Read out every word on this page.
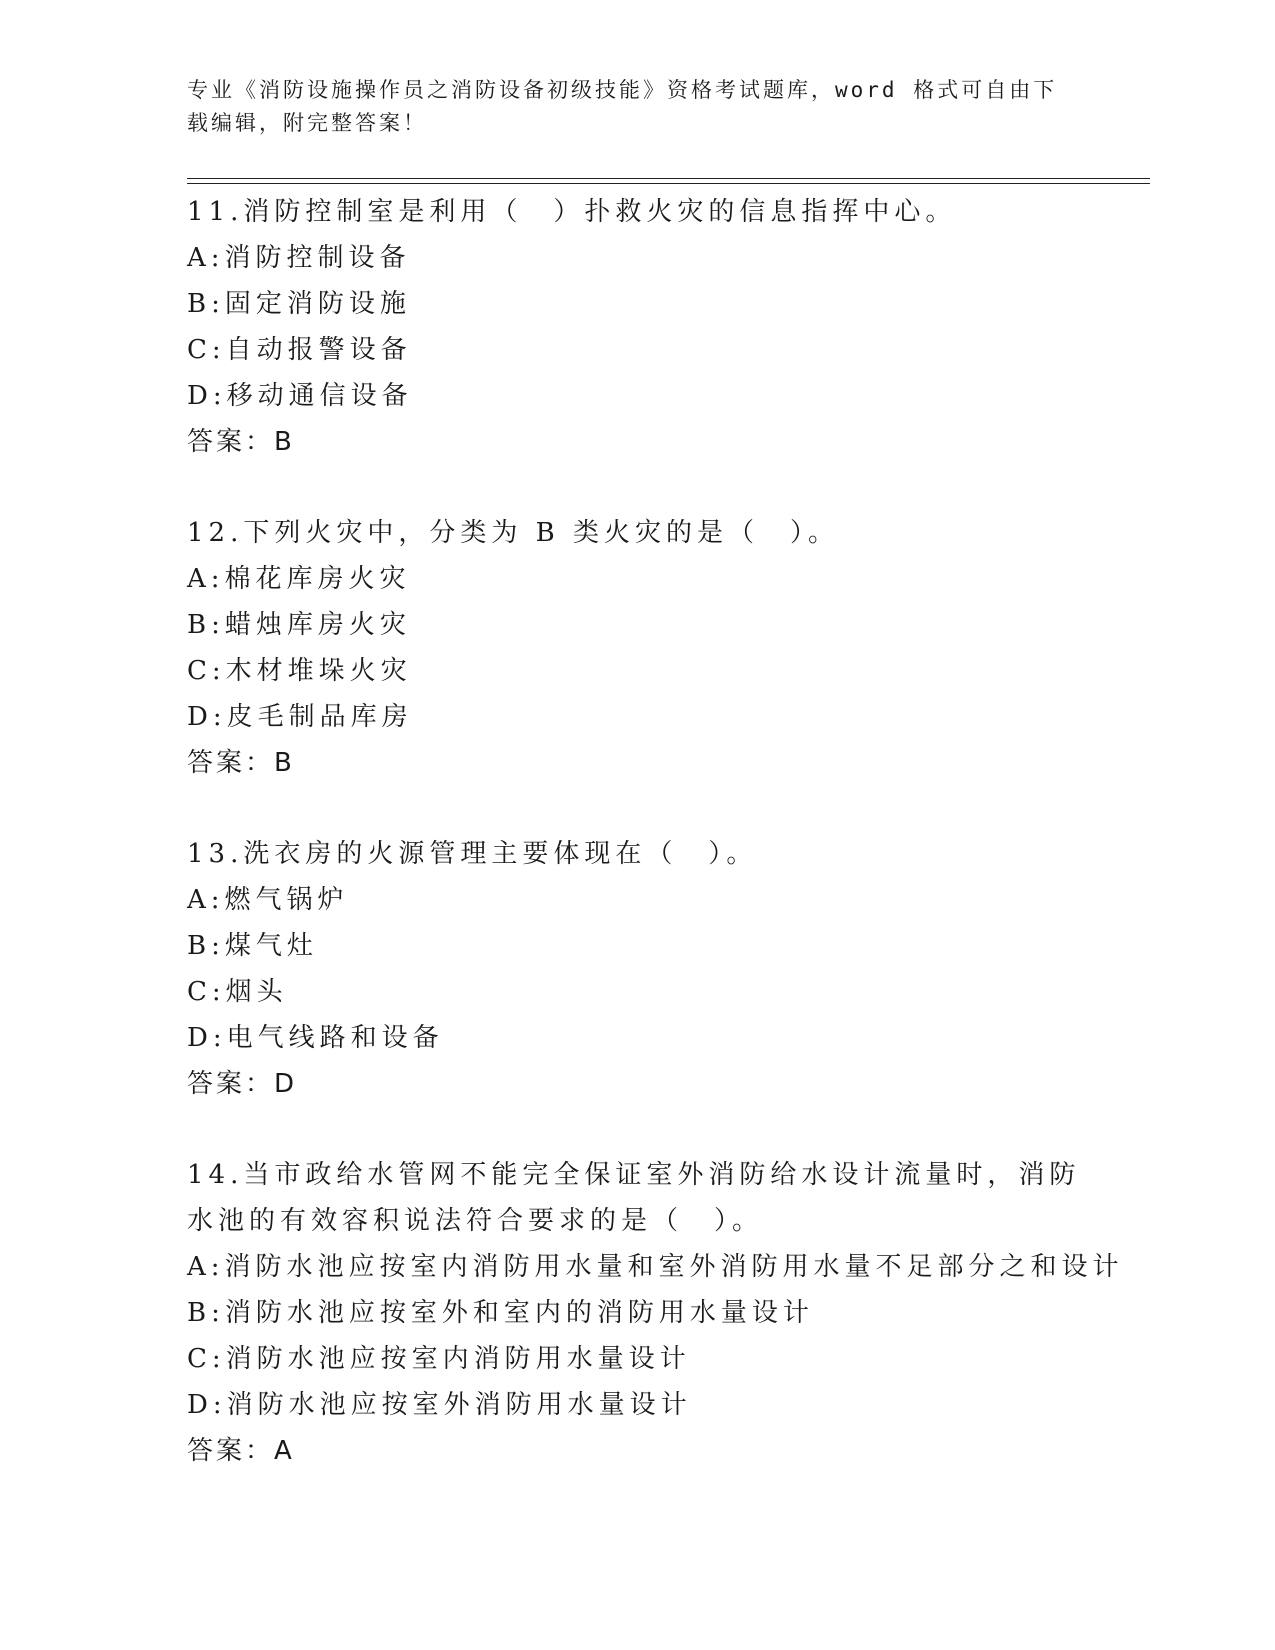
专业《消防设施操作员之消防设备初级技能》资格考试题库，word 格式可自由下
载编辑，附完整答案！
11.消防控制室是利用（　）扑救火灾的信息指挥中心。
A:消防控制设备
B:固定消防设施
C:自动报警设备
D:移动通信设备
答案：B
12.下列火灾中，分类为 B 类火灾的是（　）。
A:棉花库房火灾
B:蜡烛库房火灾
C:木材堆垛火灾
D:皮毛制品库房
答案：B
13.洗衣房的火源管理主要体现在（　）。
A:燃气锅炉
B:煤气灶
C:烟头
D:电气线路和设备
答案：D
14.当市政给水管网不能完全保证室外消防给水设计流量时，消防水池的有效容积说法符合要求的是（　）。
A:消防水池应按室内消防用水量和室外消防用水量不足部分之和设计
B:消防水池应按室外和室内的消防用水量设计
C:消防水池应按室内消防用水量设计
D:消防水池应按室外消防用水量设计
答案：A
